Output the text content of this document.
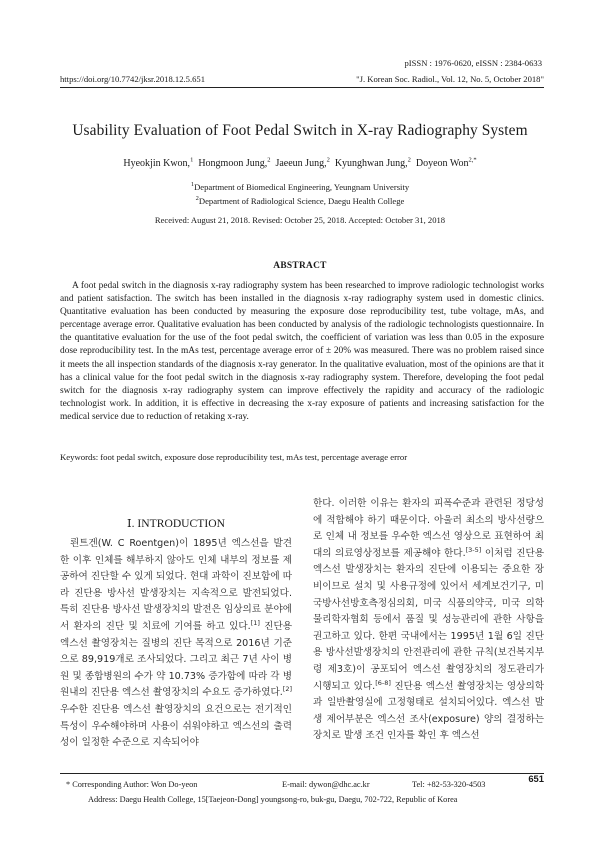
pISSN : 1976-0620, eISSN : 2384-0633
https://doi.org/10.7742/jksr.2018.12.5.651	"J. Korean Soc. Radiol., Vol. 12, No. 5, October 2018"
Usability Evaluation of Foot Pedal Switch in X-ray Radiography System
Hyeokjin Kwon,$^1$ Hongmoon Jung,$^2$ Jaeeun Jung,$^2$ Kyunghwan Jung,$^2$ Doyeon Won$^{2,*}$
$^1$Department of Biomedical Engineering, Yeungnam University
$^2$Department of Radiological Science, Daegu Health College
Received: August 21, 2018. Revised: October 25, 2018. Accepted: October 31, 2018
ABSTRACT

A foot pedal switch in the diagnosis x-ray radiography system has been researched to improve radiologic technologist works and patient satisfaction. The switch has been installed in the diagnosis x-ray radiography system used in domestic clinics. Quantitative evaluation has been conducted by measuring the exposure dose reproducibility test, tube voltage, mAs, and percentage average error. Qualitative evaluation has been conducted by analysis of the radiologic technologists questionnaire. In the quantitative evaluation for the use of the foot pedal switch, the coefficient of variation was less than 0.05 in the exposure dose reproducibility test. In the mAs test, percentage average error of ± 20% was measured. There was no problem raised since it meets the all inspection standards of the diagnosis x-ray generator. In the qualitative evaluation, most of the opinions are that it has a clinical value for the foot pedal switch in the diagnosis x-ray radiography system. Therefore, developing the foot pedal switch for the diagnosis x-ray radiography system can improve effectively the rapidity and accuracy of the radiologic technologist work. In addition, it is effective in decreasing the x-ray exposure of patients and increasing satisfaction for the medical service due to reduction of retaking x-ray.

Keywords: foot pedal switch, exposure dose reproducibility test, mAs test, percentage average error
Ⅰ. INTRODUCTION

뢴트겐(W. C Roentgen)이 1895년 엑스선을 발견한 이후 인체를 해부하지 않아도 인체 내부의 정보를 제공하여 진단할 수 있게 되었다. 현대 과학이 진보함에 따라 진단용 방사선 발생장치는 지속적으로 발전되었다. 특히 진단용 방사선 발생장치의 발전은 임상의료 분야에서 환자의 진단 및 치료에 기여를 하고 있다.[1] 진단용 엑스선 촬영장치는 질병의 진단 목적으로 2016년 기준으로 89,919개로 조사되었다. 그리고 최근 7년 사이 병원 및 종합병원의 수가 약 10.73% 증가함에 따라 각 병원내의 진단용 엑스선 촬영장치의 수요도 증가하였다.[2] 우수한 진단용 엑스선 촬영장치의 요건으로는 전기적인 특성이 우수해야하며 사용이 쉬워야하고 엑스선의 출력성이 일정한 수준으로 지속되어야

한다. 이러한 이유는 환자의 피폭수준과 관련된 정당성에 적합해야 하기 때문이다. 아울러 최소의 방사선량으로 인체 내 정보를 우수한 엑스선 영상으로 표현하여 최대의 의료영상정보를 제공해야 한다.[3-5] 이처럼 진단용 엑스선 발생장치는 환자의 진단에 이용되는 중요한 장비이므로 설치 및 사용규정에 있어서 세계보건기구, 미국방사선방호측정심의회, 미국 식품의약국, 미국 의학물리학자협회 등에서 품질 및 성능관리에 관한 사항을 권고하고 있다. 한편 국내에서는 1995년 1월 6일 진단용 방사선발생장치의 안전관리에 관한 규칙(보건복지부령 제3호)이 공포되어 엑스선 촬영장치의 정도관리가 시행되고 있다.[6-8] 진단용 엑스선 촬영장치는 영상의학과 일반촬영실에 고정형태로 설치되어있다. 엑스선 발생 제어부분은 엑스선 조사(exposure) 양의 결정하는 장치로 발생 조건 인자를 확인 후 엑스선

651
* Corresponding Author: Won Do-yeon	E-mail: dywon@dhc.ac.kr	Tel: +82-53-320-4503
Address: Daegu Health College, 15[Taejeon-Dong] youngsong-ro, buk-gu, Daegu, 702-722, Republic of Korea
